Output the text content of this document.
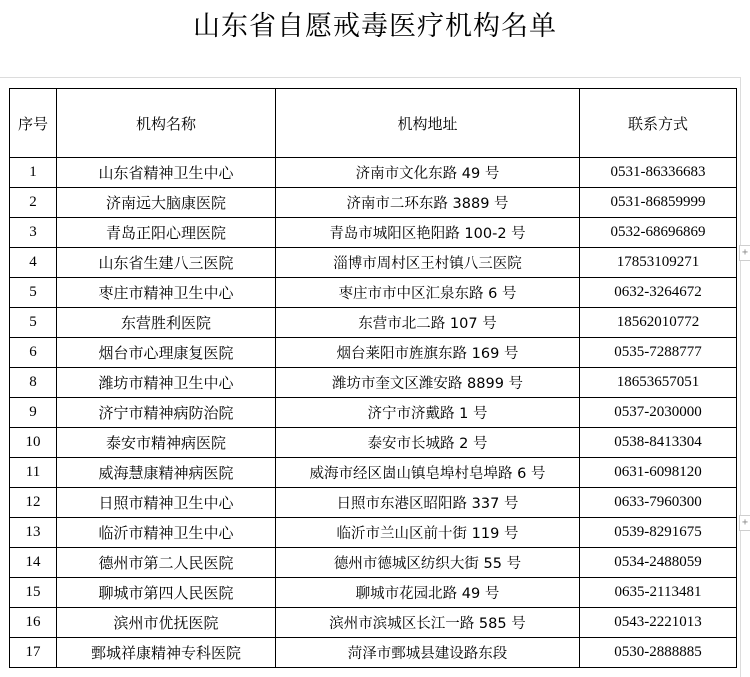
山东省自愿戒毒医疗机构名单
序号	机构名称	机构地址	联系方式
1	山东省精神卫生中心	济南市文化东路 49 号	0531-86336683
2	济南远大脑康医院	济南市二环东路 3889 号	0531-86859999
3	青岛正阳心理医院	青岛市城阳区艳阳路 100-2 号	0532-68696869
4	山东省生建八三医院	淄博市周村区王村镇八三医院	17853109271
5	枣庄市精神卫生中心	枣庄市市中区汇泉东路 6 号	0632-3264672
5	东营胜利医院	东营市北二路 107 号	18562010772
6	烟台市心理康复医院	烟台莱阳市旌旗东路 169 号	0535-7288777
8	潍坊市精神卫生中心	潍坊市奎文区潍安路 8899 号	18653657051
9	济宁市精神病防治院	济宁市济戴路 1 号	0537-2030000
10	泰安市精神病医院	泰安市长城路 2 号	0538-8413304
11	威海慧康精神病医院	威海市经区崮山镇皂埠村皂埠路 6 号	0631-6098120
12	日照市精神卫生中心	日照市东港区昭阳路 337 号	0633-7960300
13	临沂市精神卫生中心	临沂市兰山区前十街 119 号	0539-8291675
14	德州市第二人民医院	德州市德城区纺织大街 55 号	0534-2488059
15	聊城市第四人民医院	聊城市花园北路 49 号	0635-2113481
16	滨州市优抚医院	滨州市滨城区长江一路 585 号	0543-2221013
17	鄄城祥康精神专科医院	菏泽市鄄城县建设路东段	0530-2888885
+
+
